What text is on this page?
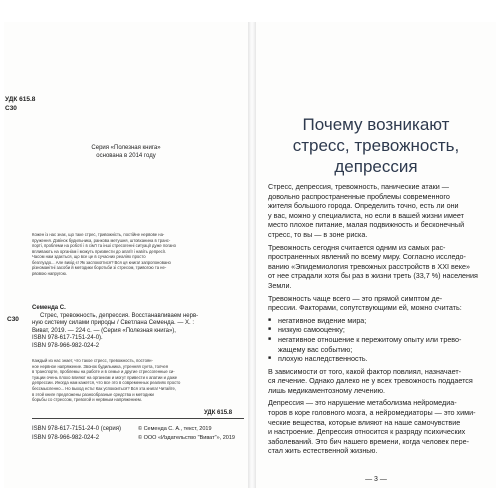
УДК 615.8
С30
Серия «Полезная книга»
основана в 2014 году
Кожен із нас знає, що таке стрес, тривожність, постійне нервове на-
пруження. Дзвінок будильника, ранкова метушня, штовханина в транс-
порті, проблеми на роботі і в сім'ї та інші стресогенні ситуації дуже погано
впливають на організм і можуть призвести до апатії і навіть депресії.
Часом нам здається, що все це в сучасних реаліях просто
безглуздо... Але вихід є! Як заспокоїтися? Вся ця книга! запропоновано
різноманітні засоби й методики боротьби зі стресом, тривогою та не-
рвовою напругою.
С30
Семенда С.
Стрес, тревожность, депрессия. Восстанавливаем нерв-
ную систему силами природы / Светлана Семенда. — Х. :
Виват, 2019. — 224 с. — (Серия «Полезная книга»),
ISBN 978-617-7151-24-0).
ISBN 978-966-982-024-2
Каждый из нас знает, что такое стресс, тревожность, постоян-
ное нервное напряжение. Звонок будильника, утренняя суета, толчея
в транспорте, проблемы на работе и в семье и другие стрессогенные си-
туации очень плохо влияют на организм и могут привести к апатии и даже
депрессии. Иногда нам кажется, что все это в современных реалиях просто
бессмысленно... Но выход есть! Как успокоиться? Вся эта книга! Читайте,
в этой книге предложены разнообразные средства и методики
борьбы со стрессом, тревогой и нервным напряжением.
УДК 615.8
ISBN 978-617-7151-24-0 (серия)
ISBN 978-966-982-024-2
© Семенда С. А., текст, 2019
© ООО «Издательство "Виват"», 2019
Почему возникают
стресс, тревожность,
депрессия

Стресс, депрессия, тревожность, панические атаки —
довольно распространенные проблемы современного
жителя большого города. Определить точно, есть ли они
у вас, можно у специалиста, но если в вашей жизни имеет
место плохое питание, малая подвижность и бесконечный
стресс, то вы — в зоне риска.

Тревожность сегодня считается одним из самых рас-
пространенных явлений по всему миру. Согласно исследо-
ванию «Эпидемиология тревожных расстройств в XXI веке»
от нее страдали хотя бы раз в жизни треть (33,7 %) населения
Земли.

Тревожность чаще всего — это прямой симптом де-
прессии. Факторами, сопутствующими ей, можно считать:

■ негативное видение мира;
■ низкую самооценку;
■ негативное отношение к пережитому опыту или трево-
жащему вас событию;
■ плохую наследственность.

В зависимости от того, какой фактор повлиял, назначает-
ся лечение. Однако далеко не у всех тревожность поддается
лишь медикаментозному лечению.

Депрессия — это нарушение метаболизма нейромедиа-
торов в коре головного мозга, а нейромедиаторы — это хими-
ческие вещества, которые влияют на наше самочувствие
и настроение. Депрессия относится к разряду психических
заболеваний. Это бич нашего времени, когда человек пере-
стал жить естественной жизнью.

— 3 —
